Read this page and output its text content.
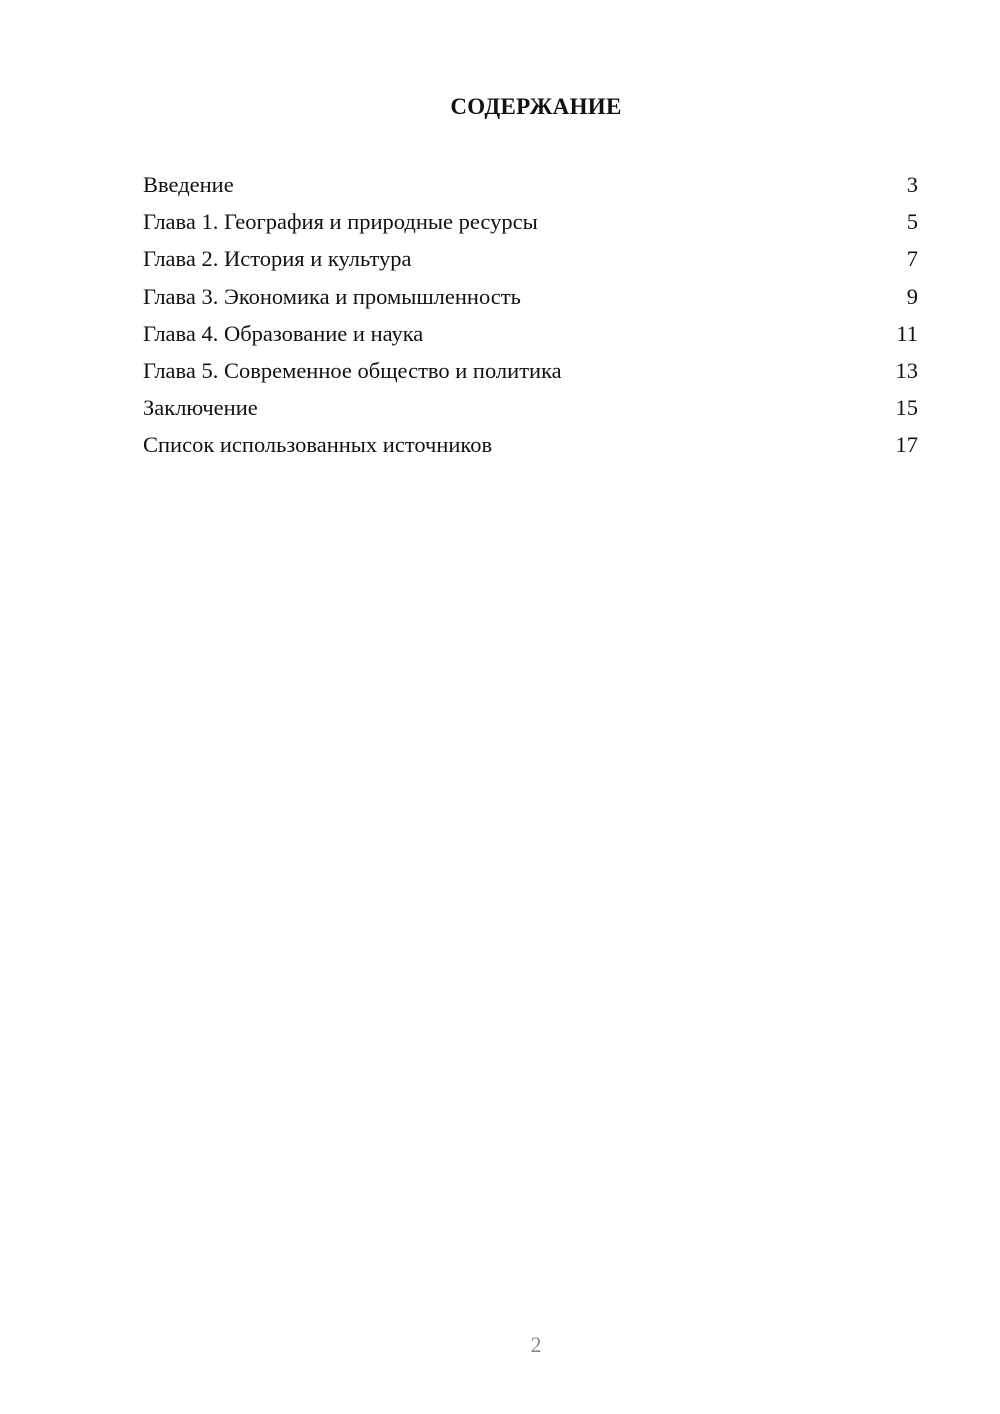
СОДЕРЖАНИЕ
Введение	3
Глава 1. География и природные ресурсы	5
Глава 2. История и культура	7
Глава 3. Экономика и промышленность	9
Глава 4. Образование и наука	11
Глава 5. Современное общество и политика	13
Заключение	15
Список использованных источников	17
2
